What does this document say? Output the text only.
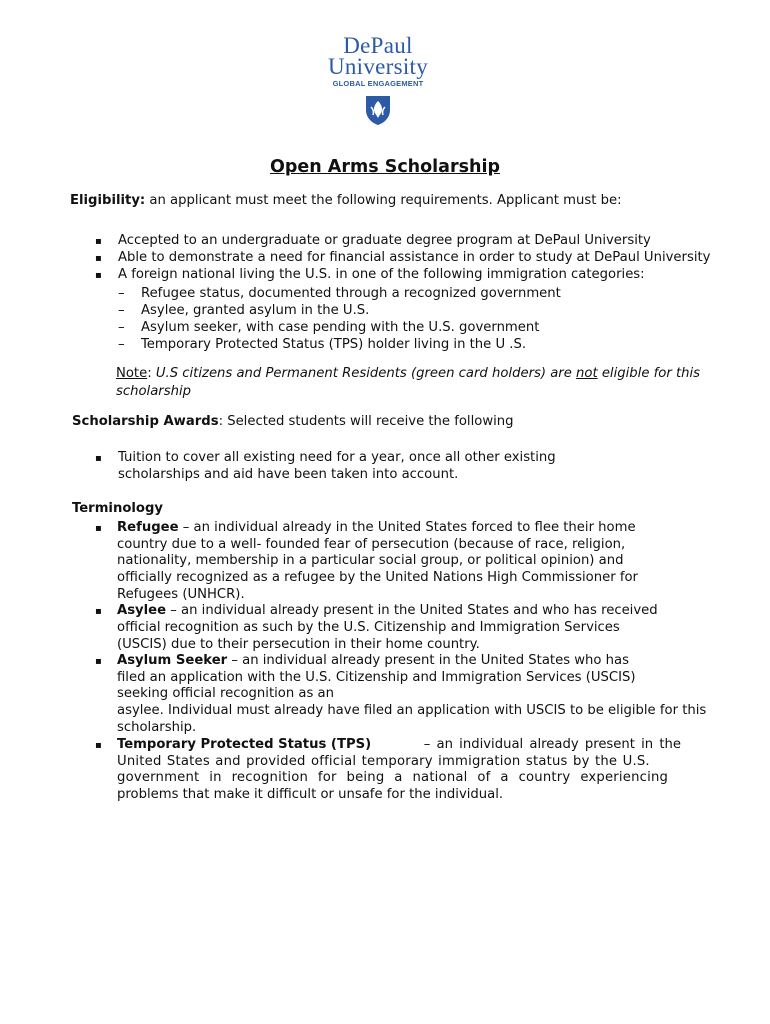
DePaul
University
GLOBAL ENGAGEMENT
Open Arms Scholarship
Eligibility: an applicant must meet the following requirements. Applicant must be:
▪ Accepted to an undergraduate or graduate degree program at DePaul University
▪ Able to demonstrate a need for financial assistance in order to study at DePaul University
▪ A foreign national living the U.S. in one of the following immigration categories:
– Refugee status, documented through a recognized government
– Asylee, granted asylum in the U.S.
– Asylum seeker, with case pending with the U.S. government
– Temporary Protected Status (TPS) holder living in the U .S.
Note: U.S citizens and Permanent Residents (green card holders) are not eligible for this
scholarship
Scholarship Awards: Selected students will receive the following
▪ Tuition to cover all existing need for a year, once all other existing
scholarships and aid have been taken into account.
Terminology
▪ Refugee – an individual already in the United States forced to flee their home
country due to a well- founded fear of persecution (because of race, religion,
nationality, membership in a particular social group, or political opinion) and
officially recognized as a refugee by the United Nations High Commissioner for
Refugees (UNHCR).
▪ Asylee – an individual already present in the United States and who has received
official recognition as such by the U.S. Citizenship and Immigration Services
(USCIS) due to their persecution in their home country.
▪ Asylum Seeker – an individual already present in the United States who has
filed an application with the U.S. Citizenship and Immigration Services (USCIS)
seeking official recognition as an
asylee. Individual must already have filed an application with USCIS to be eligible for this
scholarship.
▪ Temporary Protected Status (TPS)	– an individual already present in the
United States and provided official temporary immigration status by the U.S.
government in recognition for being a national of a country experiencing
problems that make it difficult or unsafe for the individual.
